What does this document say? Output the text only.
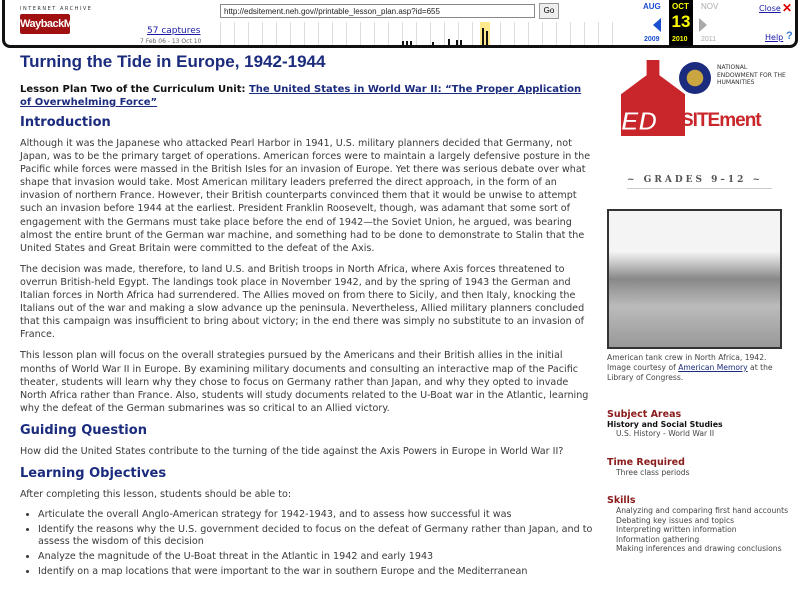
INTERNET ARCHIVE
WaybackMachine
57 captures
7 Feb 06 - 13 Oct 10
http://edsitement.neh.gov//printable_lesson_plan.asp?id=655
Go	AUG OCT
13
NOV
2009 2010 2011
Close ✕
Help ?
Turning the Tide in Europe, 1942-1944
Lesson Plan Two of the Curriculum Unit: The United States in World War II: “The Proper Application of Overwhelming Force”
Introduction

Although it was the Japanese who attacked Pearl Harbor in 1941, U.S. military planners decided that Germany, not Japan, was to be the primary target of operations. American forces were to maintain a largely defensive posture in the Pacific while forces were massed in the British Isles for an invasion of Europe. Yet there was serious debate over what shape that invasion would take. Most American military leaders preferred the direct approach, in the form of an invasion of northern France. However, their British counterparts convinced them that it would be unwise to attempt such an invasion before 1944 at the earliest. President Franklin Roosevelt, though, was adamant that some sort of engagement with the Germans must take place before the end of 1942—the Soviet Union, he argued, was bearing almost the entire brunt of the German war machine, and something had to be done to demonstrate to Stalin that the United States and Great Britain were committed to the defeat of the Axis.

The decision was made, therefore, to land U.S. and British troops in North Africa, where Axis forces threatened to overrun British-held Egypt. The landings took place in November 1942, and by the spring of 1943 the German and Italian forces in North Africa had surrendered. The Allies moved on from there to Sicily, and then Italy, knocking the Italians out of the war and making a slow advance up the peninsula. Nevertheless, Allied military planners concluded that this campaign was insufficient to bring about victory; in the end there was simply no substitute to an invasion of France.

This lesson plan will focus on the overall strategies pursued by the Americans and their British allies in the initial months of World War II in Europe. By examining military documents and consulting an interactive map of the Pacific theater, students will learn why they chose to focus on Germany rather than Japan, and why they opted to invade North Africa rather than France. Also, students will study documents related to the U-Boat war in the Atlantic, learning why the defeat of the German submarines was so critical to an Allied victory.

Guiding Question

How did the United States contribute to the turning of the tide against the Axis Powers in Europe in World War II?

Learning Objectives

After completing this lesson, students should be able to:

• Articulate the overall Anglo-American strategy for 1942-1943, and to assess how successful it was
• Identify the reasons why the U.S. government decided to focus on the defeat of Germany rather than Japan, and to assess the wisdom of this decision
• Analyze the magnitude of the U-Boat threat in the Atlantic in 1942 and early 1943
• Identify on a map locations that were important to the war in southern Europe and the Mediterranean
ED SITEment
NATIONAL ENDOWMENT FOR THE HUMANITIES
~ GRADES 9–12 ~
American tank crew in North Africa, 1942. Image courtesy of American Memory at the Library of Congress.
Subject Areas
History and Social Studies
U.S. History - World War II
Time Required
Three class periods
Skills
Analyzing and comparing first hand accounts
Debating key issues and topics
Interpreting written information
Information gathering
Making inferences and drawing conclusions
